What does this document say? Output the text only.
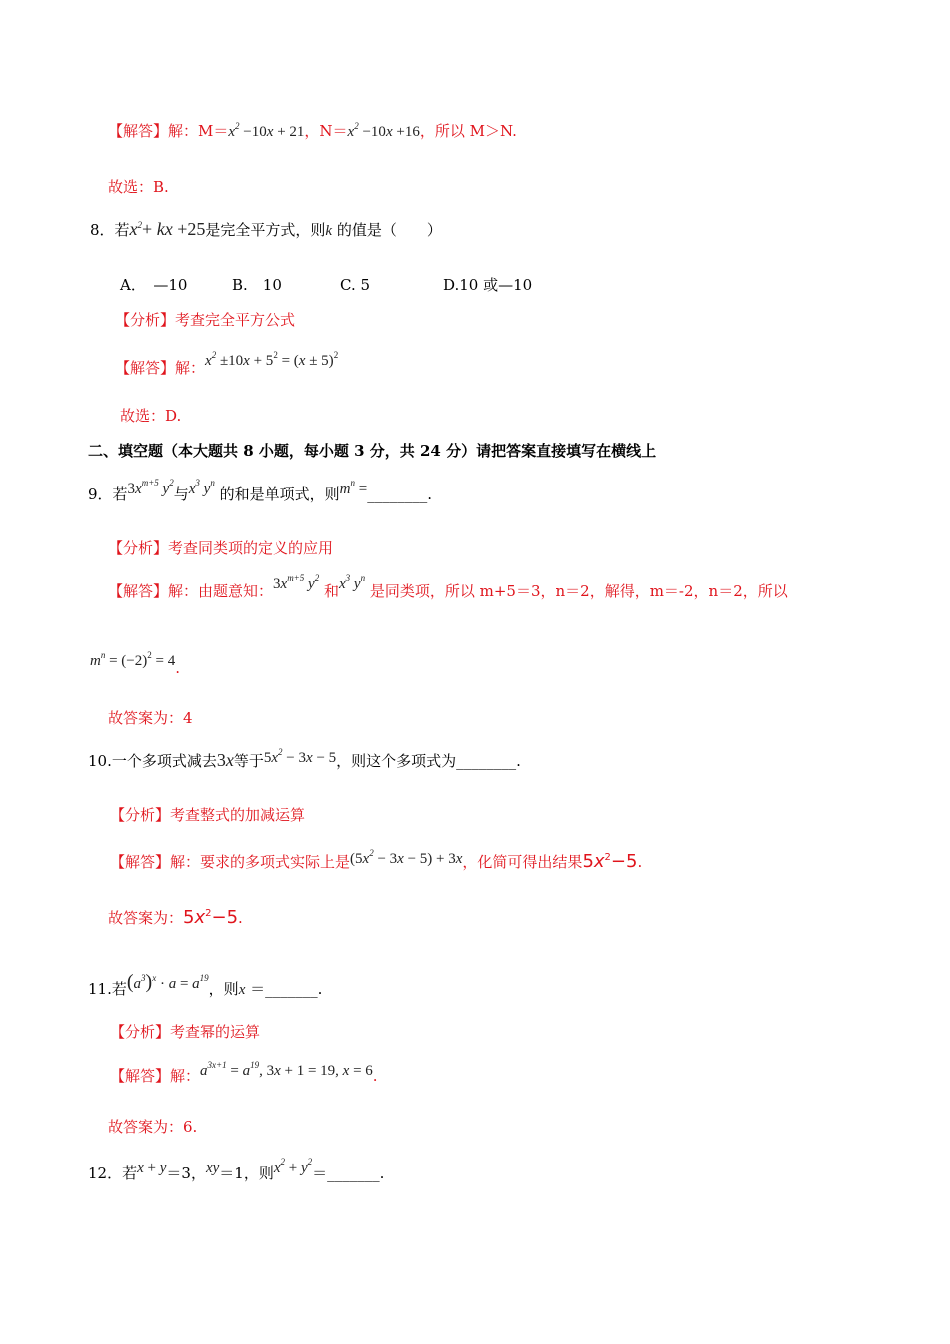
【解答】解：$M=x^2 -10x + 21$，$N=x^2 -10x +16$，所以 M＞N.
故选：B.
8．若$x^2+$ kx +25是完全平方式，则k 的值是（　　）
A．　—10	B.　10	C. 5	D.10 或—10
【分析】考查完全平方公式
【解答】解：$x^2 \pm 10x + 5^2 = (x \pm 5)^2$
故选：D.
二、填空题（本大题共 8 小题，每小题 3 分，共 24 分）请把答案直接填写在横线上
9．若$3x^{m+5}$ $y^2$与$x^3$ $y^n$ 的和是单项式，则$m^n$ =________.
【分析】考查同类项的定义的应用
【解答】解：由题意知：$3x^{m+5}$ $y^2$ 和$x^3$ $y^n$ 是同类项，所以 m+5＝3，n＝2，解得，m＝-2，n＝2，所以
$m^n = (-2)^2 = 4$.
故答案为：4
10.一个多项式减去3x等于$5x^2 - 3x - 5$，则这个多项式为________.
【分析】考查整式的加减运算
【解答】解：要求的多项式实际上是$(5x^2 - 3x - 5) + 3x$，化简可得出结果$5x^2-5$.
故答案为：$5x^2-5$.
11.若$(a^3)^x \cdot a = a^{19}$，则x ＝_______.
【分析】考查幂的运算
【解答】解：$a^{3x+1} = a^{19}$, 3x + 1 = 19, x = 6.
故答案为：6.
12．若x + y＝3，xy＝1，则$x^2$ + $y^2=\_\_\_\_\_\_\_$.
